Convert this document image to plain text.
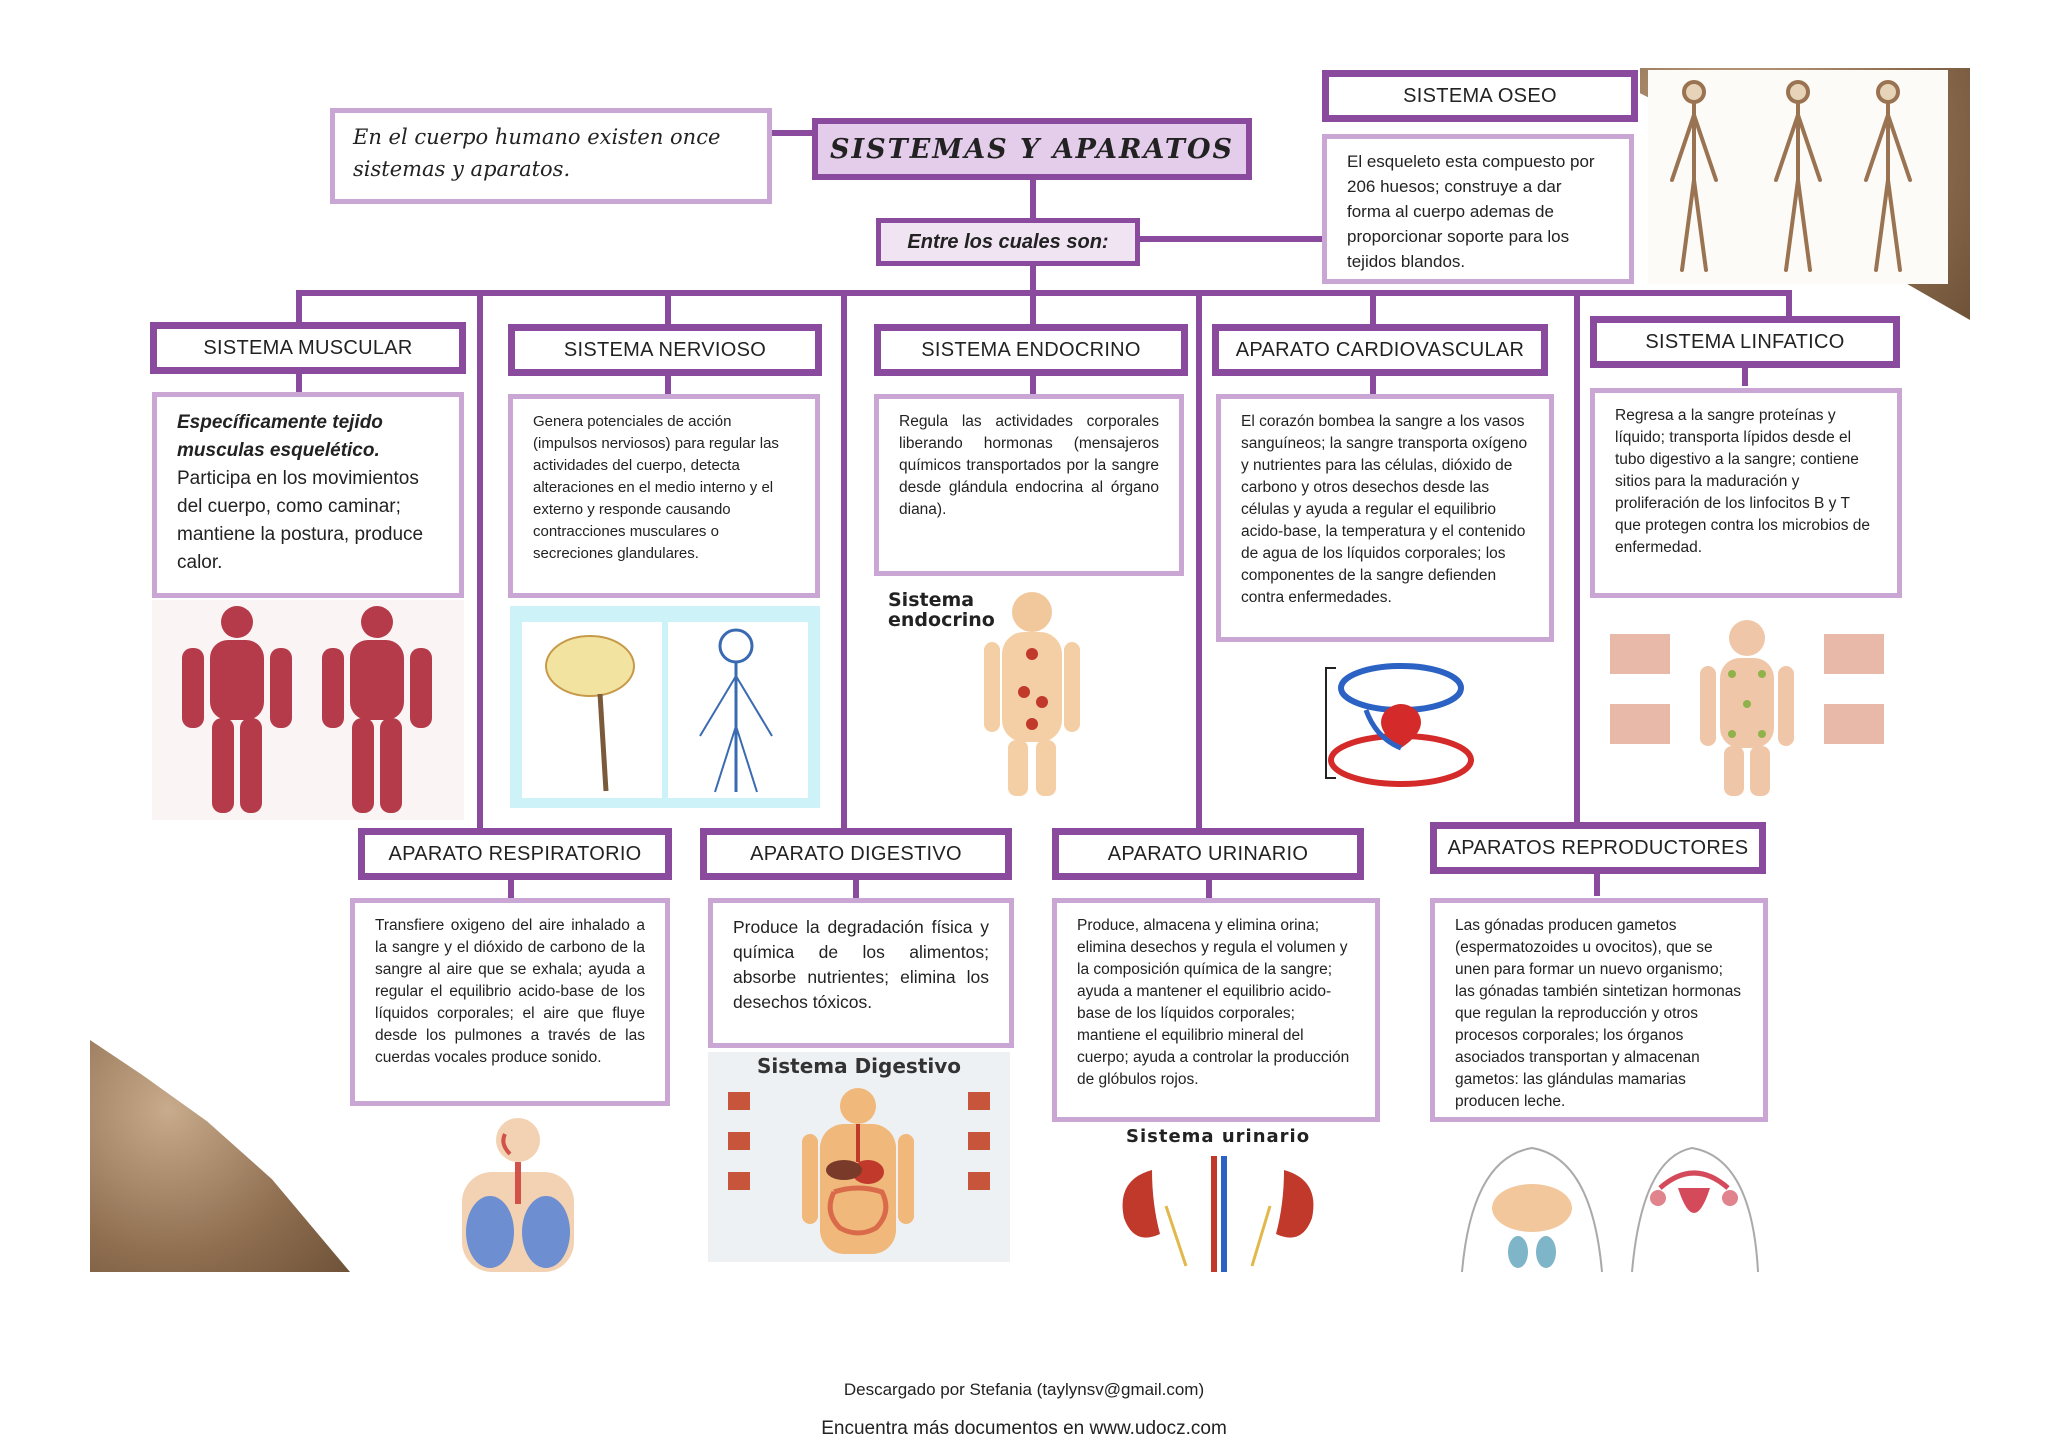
En el cuerpo humano existen once sistemas y aparatos.
SISTEMAS Y APARATOS
Entre los cuales son:
SISTEMA OSEO
El esqueleto esta compuesto por 206 huesos; construye a dar forma al cuerpo ademas de proporcionar soporte para los tejidos blandos.
SISTEMA MUSCULAR	SISTEMA NERVIOSO	SISTEMA ENDOCRINO	APARATO CARDIOVASCULAR	SISTEMA LINFATICO
Específicamente tejido musculas esquelético. Participa en los movimientos del cuerpo, como caminar; mantiene la postura, produce calor.
Genera potenciales de acción (impulsos nerviosos) para regular las actividades del cuerpo, detecta alteraciones en el medio interno y el externo y responde causando contracciones musculares o secreciones glandulares.
Regula las actividades corporales liberando hormonas (mensajeros químicos transportados por la sangre desde glándula endocrina al órgano diana).
El corazón bombea la sangre a los vasos sanguíneos; la sangre transporta oxígeno y nutrientes para las células, dióxido de carbono y otros desechos desde las células y ayuda a regular el equilibrio acido-base, la temperatura y el contenido de agua de los líquidos corporales; los componentes de la sangre defienden contra enfermedades.
Regresa a la sangre proteínas y líquido; transporta lípidos desde el tubo digestivo a la sangre; contiene sitios para la maduración y proliferación de los linfocitos B y T que protegen contra los microbios de enfermedad.
Sistema endocrino
APARATO RESPIRATORIO	APARATO DIGESTIVO	APARATO URINARIO	APARATOS REPRODUCTORES
Transfiere oxigeno del aire inhalado a la sangre y el dióxido de carbono de la sangre al aire que se exhala; ayuda a regular el equilibrio acido-base de los líquidos corporales; el aire que fluye desde los pulmones a través de las cuerdas vocales produce sonido.
Produce la degradación física y química de los alimentos; absorbe nutrientes; elimina los desechos tóxicos.
Produce, almacena y elimina orina; elimina desechos y regula el volumen y la composición química de la sangre; ayuda a mantener el equilibrio acido-base de los líquidos corporales; mantiene el equilibrio mineral del cuerpo; ayuda a controlar la producción de glóbulos rojos.
Las gónadas producen gametos (espermatozoides u ovocitos), que se unen para formar un nuevo organismo; las gónadas también sintetizan hormonas que regulan la reproducción y otros procesos corporales; los órganos asociados transportan y almacenan gametos: las glándulas mamarias producen leche.
Sistema Digestivo
Sistema urinario
Descargado por Stefania (taylynsv@gmail.com)
Encuentra más documentos en www.udocz.com
